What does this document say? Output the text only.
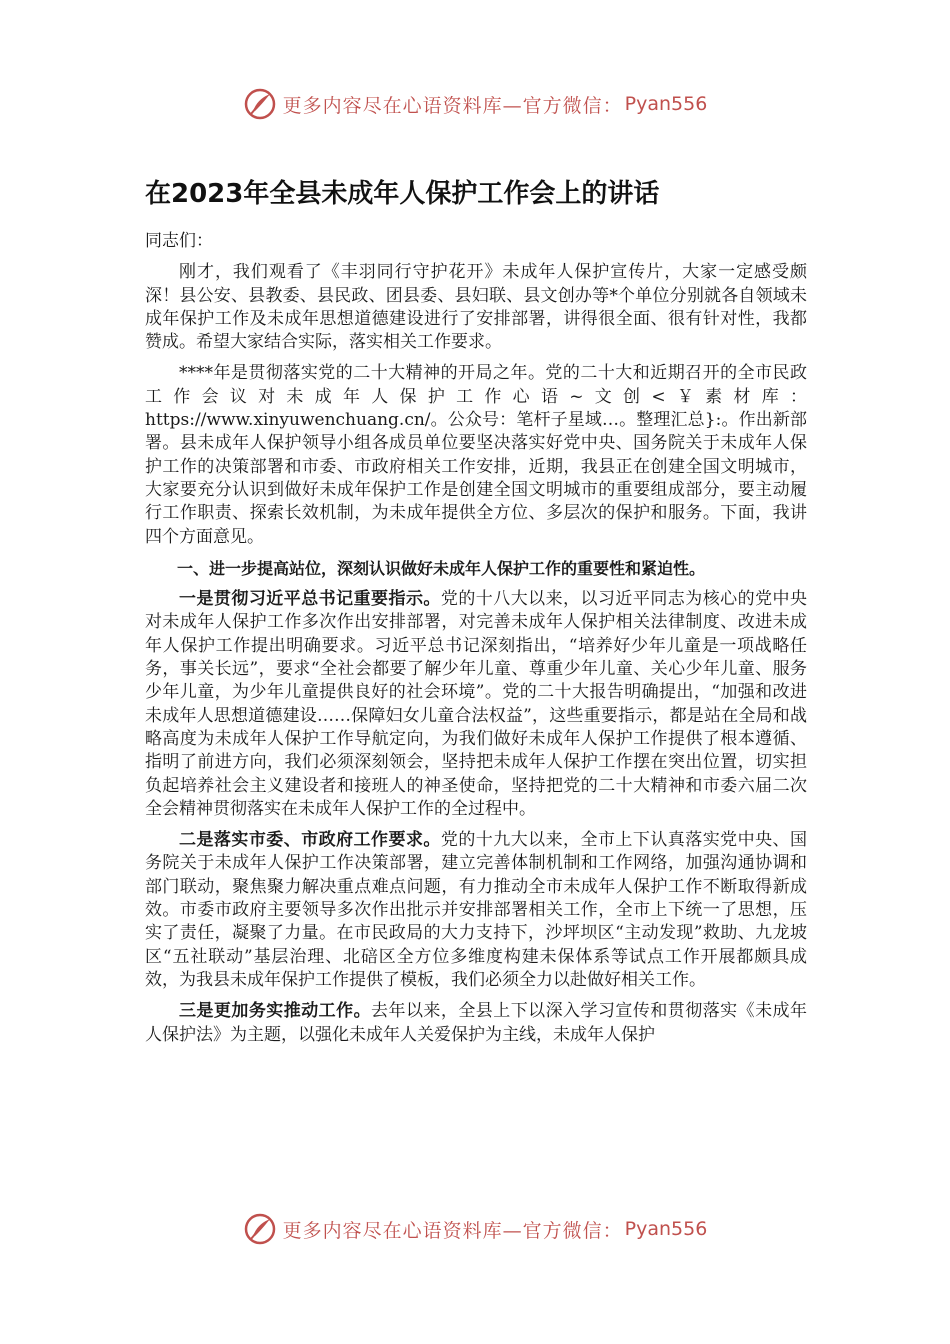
更多内容尽在心语资料库—官方微信： Pyan556
在2023年全县未成年人保护工作会上的讲话

同志们：

刚才，我们观看了《丰羽同行守护花开》未成年人保护宣传片，大家一定感受颇深！县公安、县教委、县民政、团县委、县妇联、县文创办等*个单位分别就各自领域未成年保护工作及未成年思想道德建设进行了安排部署，讲得很全面、很有针对性，我都赞成。希望大家结合实际，落实相关工作要求。

****年是贯彻落实党的二十大精神的开局之年。党的二十大和近期召开的全市民政工作会议对未成年人保护工作心语~文创<￥素材库：https://www.xinyuwenchuang.cn/。公众号：笔杆子星域…。整理汇总}:。作出新部署。县未成年人保护领导小组各成员单位要坚决落实好党中央、国务院关于未成年人保护工作的决策部署和市委、市政府相关工作安排，近期，我县正在创建全国文明城市，大家要充分认识到做好未成年保护工作是创建全国文明城市的重要组成部分，要主动履行工作职责、探索长效机制，为未成年提供全方位、多层次的保护和服务。下面，我讲四个方面意见。

一、进一步提高站位，深刻认识做好未成年人保护工作的重要性和紧迫性。

一是贯彻习近平总书记重要指示。党的十八大以来，以习近平同志为核心的党中央对未成年人保护工作多次作出安排部署，对完善未成年人保护相关法律制度、改进未成年人保护工作提出明确要求。习近平总书记深刻指出，“培养好少年儿童是一项战略任务，事关长远”，要求“全社会都要了解少年儿童、尊重少年儿童、关心少年儿童、服务少年儿童，为少年儿童提供良好的社会环境”。党的二十大报告明确提出，“加强和改进未成年人思想道德建设……保障妇女儿童合法权益”，这些重要指示，都是站在全局和战略高度为未成年人保护工作导航定向，为我们做好未成年人保护工作提供了根本遵循、指明了前进方向，我们必须深刻领会，坚持把未成年人保护工作摆在突出位置，切实担负起培养社会主义建设者和接班人的神圣使命，坚持把党的二十大精神和市委六届二次全会精神贯彻落实在未成年人保护工作的全过程中。

二是落实市委、市政府工作要求。党的十九大以来，全市上下认真落实党中央、国务院关于未成年人保护工作决策部署，建立完善体制机制和工作网络，加强沟通协调和部门联动，聚焦聚力解决重点难点问题，有力推动全市未成年人保护工作不断取得新成效。市委市政府主要领导多次作出批示并安排部署相关工作，全市上下统一了思想，压实了责任，凝聚了力量。在市民政局的大力支持下，沙坪坝区“主动发现”救助、九龙坡区“五社联动”基层治理、北碚区全方位多维度构建未保体系等试点工作开展都颇具成效，为我县未成年保护工作提供了模板，我们必须全力以赴做好相关工作。

三是更加务实推动工作。去年以来，全县上下以深入学习宣传和贯彻落实《未成年人保护法》为主题，以强化未成年人关爱保护为主线，未成年人保护

更多内容尽在心语资料库—官方微信： Pyan556
